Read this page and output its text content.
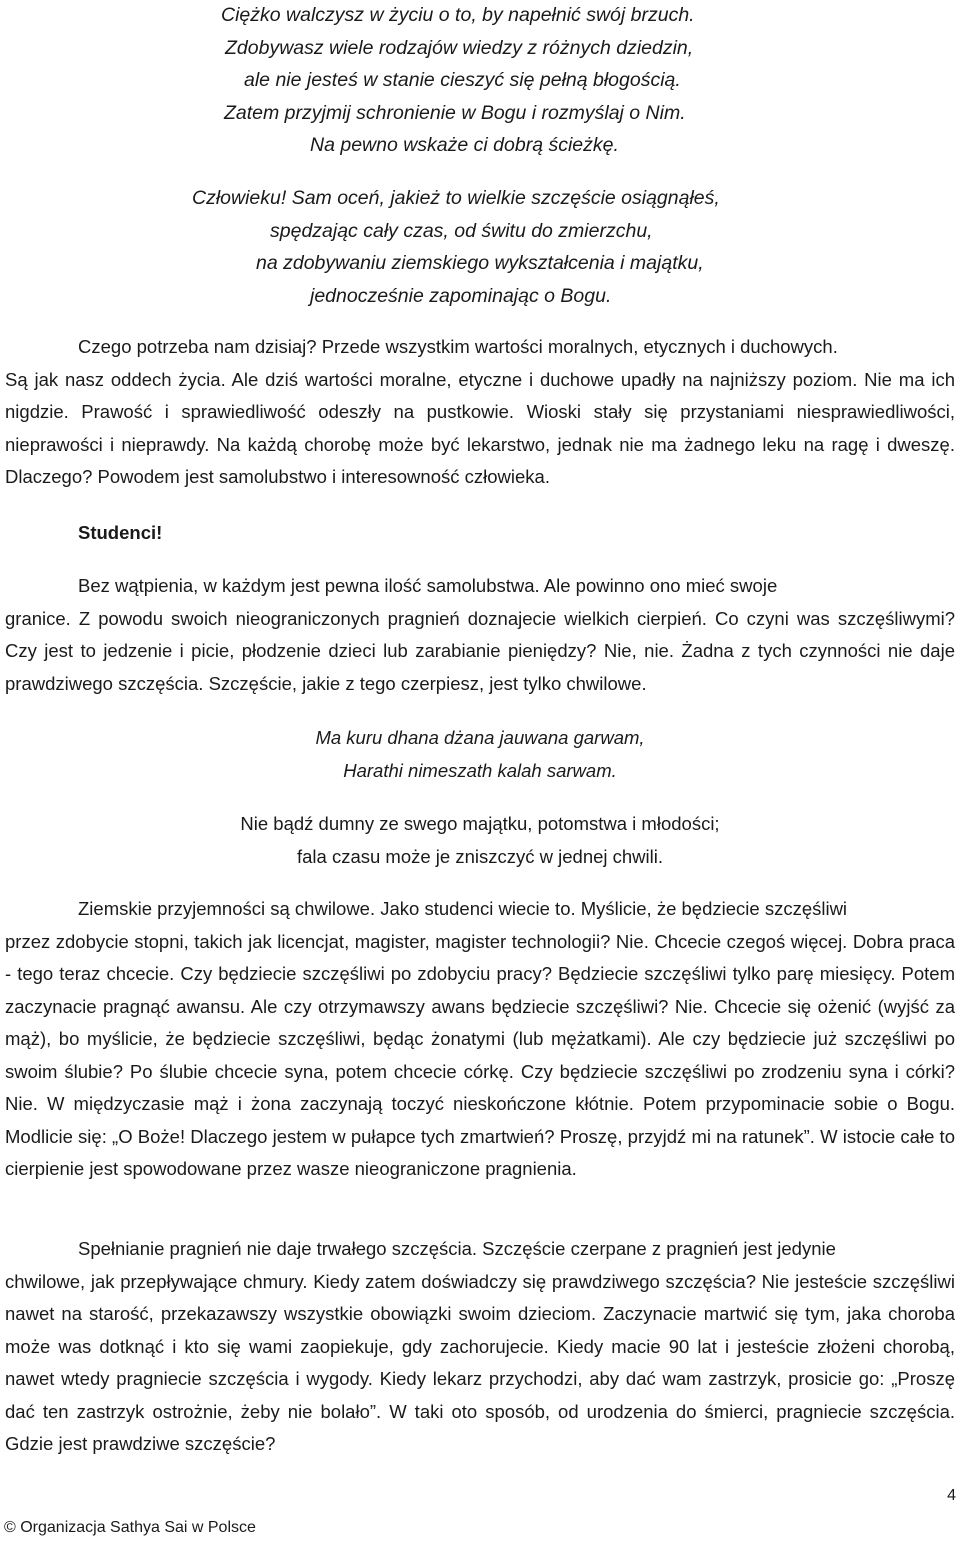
Ciężko walczysz w życiu o to, by napełnić swój brzuch.
Zdobywasz wiele rodzajów wiedzy z różnych dziedzin,
ale nie jesteś w stanie cieszyć się pełną błogością.
Zatem przyjmij schronienie w Bogu i rozmyślaj o Nim.
Na pewno wskaże ci dobrą ścieżkę.
Człowieku! Sam oceń, jakież to wielkie szczęście osiągnąłeś,
spędzając cały czas, od świtu do zmierzchu,
na zdobywaniu ziemskiego wykształcenia i majątku,
jednocześnie zapominając o Bogu.
Czego potrzeba nam dzisiaj? Przede wszystkim wartości moralnych, etycznych i duchowych.
Są jak nasz oddech życia. Ale dziś wartości moralne, etyczne i duchowe upadły na najniższy poziom. Nie ma ich nigdzie. Prawość i sprawiedliwość odeszły na pustkowie. Wioski stały się przystaniami niesprawiedliwości, nieprawości i nieprawdy. Na każdą chorobę może być lekarstwo, jednak nie ma żadnego leku na ragę i dweszę. Dlaczego? Powodem jest samolubstwo i interesowność człowieka.
Studenci!
Bez wątpienia, w każdym jest pewna ilość samolubstwa. Ale powinno ono mieć swoje
granice. Z powodu swoich nieograniczonych pragnień doznajecie wielkich cierpień. Co czyni was szczęśliwymi? Czy jest to jedzenie i picie, płodzenie dzieci lub zarabianie pieniędzy? Nie, nie. Żadna z tych czynności nie daje prawdziwego szczęścia. Szczęście, jakie z tego czerpiesz, jest tylko chwilowe.
Ma kuru dhana dżana jauwana garwam,
Harathi nimeszath kalah sarwam.
Nie bądź dumny ze swego majątku, potomstwa i młodości;
fala czasu może je zniszczyć w jednej chwili.
Ziemskie przyjemności są chwilowe. Jako studenci wiecie to. Myślicie, że będziecie szczęśliwi
przez zdobycie stopni, takich jak licencjat, magister, magister technologii? Nie. Chcecie czegoś więcej. Dobra praca - tego teraz chcecie. Czy będziecie szczęśliwi po zdobyciu pracy? Będziecie szczęśliwi tylko parę miesięcy. Potem zaczynacie pragnąć awansu. Ale czy otrzymawszy awans będziecie szczęśliwi? Nie. Chcecie się ożenić (wyjść za mąż), bo myślicie, że będziecie szczęśliwi, będąc żonatymi (lub mężatkami). Ale czy będziecie już szczęśliwi po swoim ślubie? Po ślubie chcecie syna, potem chcecie córkę. Czy będziecie szczęśliwi po zrodzeniu syna i córki? Nie. W międzyczasie mąż i żona zaczynają toczyć nieskończone kłótnie. Potem przypominacie sobie o Bogu. Modlicie się: „O Boże! Dlaczego jestem w pułapce tych zmartwień? Proszę, przyjdź mi na ratunek”. W istocie całe to cierpienie jest spowodowane przez wasze nieograniczone pragnienia.
Spełnianie pragnień nie daje trwałego szczęścia. Szczęście czerpane z pragnień jest jedynie
chwilowe, jak przepływające chmury. Kiedy zatem doświadczy się prawdziwego szczęścia? Nie jesteście szczęśliwi nawet na starość, przekazawszy wszystkie obowiązki swoim dzieciom. Zaczynacie martwić się tym, jaka choroba może was dotknąć i kto się wami zaopiekuje, gdy zachorujecie. Kiedy macie 90 lat i jesteście złożeni chorobą, nawet wtedy pragniecie szczęścia i wygody. Kiedy lekarz przychodzi, aby dać wam zastrzyk, prosicie go: „Proszę dać ten zastrzyk ostrożnie, żeby nie bolało”. W taki oto sposób, od urodzenia do śmierci, pragniecie szczęścia. Gdzie jest prawdziwe szczęście?
4
© Organizacja Sathya Sai w Polsce
